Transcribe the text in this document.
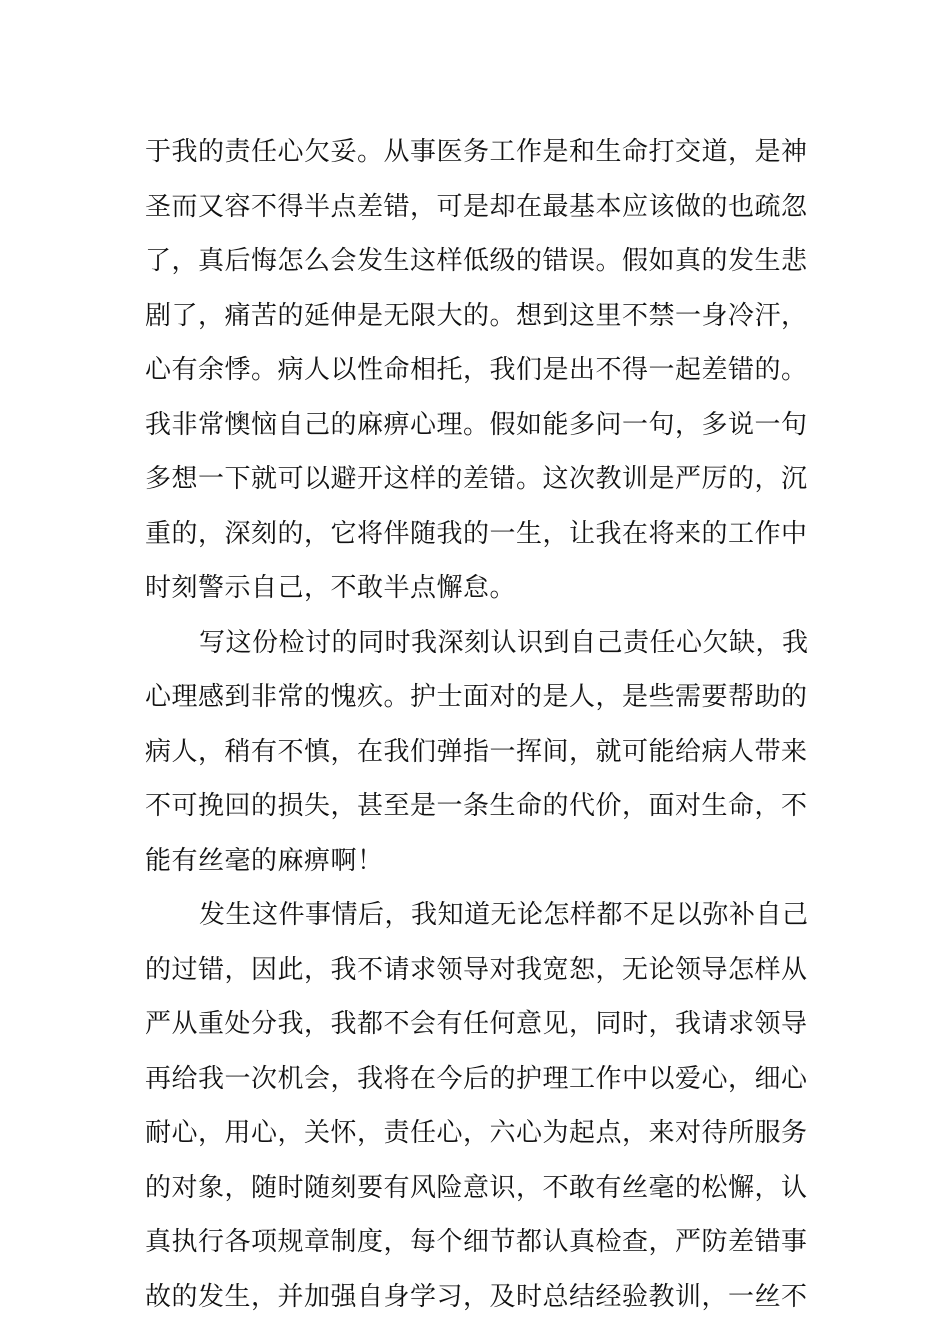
于我的责任心欠妥。从事医务工作是和生命打交道，是神
圣而又容不得半点差错，可是却在最基本应该做的也疏忽
了，真后悔怎么会发生这样低级的错误。假如真的发生悲
剧了，痛苦的延伸是无限大的。想到这里不禁一身冷汗，
心有余悸。病人以性命相托，我们是出不得一起差错的。
我非常懊恼自己的麻痹心理。假如能多问一句，多说一句
多想一下就可以避开这样的差错。这次教训是严厉的，沉
重的，深刻的，它将伴随我的一生，让我在将来的工作中
时刻警示自己，不敢半点懈怠。
写这份检讨的同时我深刻认识到自己责任心欠缺，我
心理感到非常的愧疚。护士面对的是人，是些需要帮助的
病人，稍有不慎，在我们弹指一挥间，就可能给病人带来
不可挽回的损失，甚至是一条生命的代价，面对生命，不
能有丝毫的麻痹啊！
发生这件事情后，我知道无论怎样都不足以弥补自己
的过错，因此，我不请求领导对我宽恕，无论领导怎样从
严从重处分我，我都不会有任何意见，同时，我请求领导
再给我一次机会，我将在今后的护理工作中以爱心，细心
耐心，用心，关怀，责任心，六心为起点，来对待所服务
的对象，随时随刻要有风险意识，不敢有丝毫的松懈，认
真执行各项规章制度，每个细节都认真检查，严防差错事
故的发生，并加强自身学习，及时总结经验教训，一丝不
